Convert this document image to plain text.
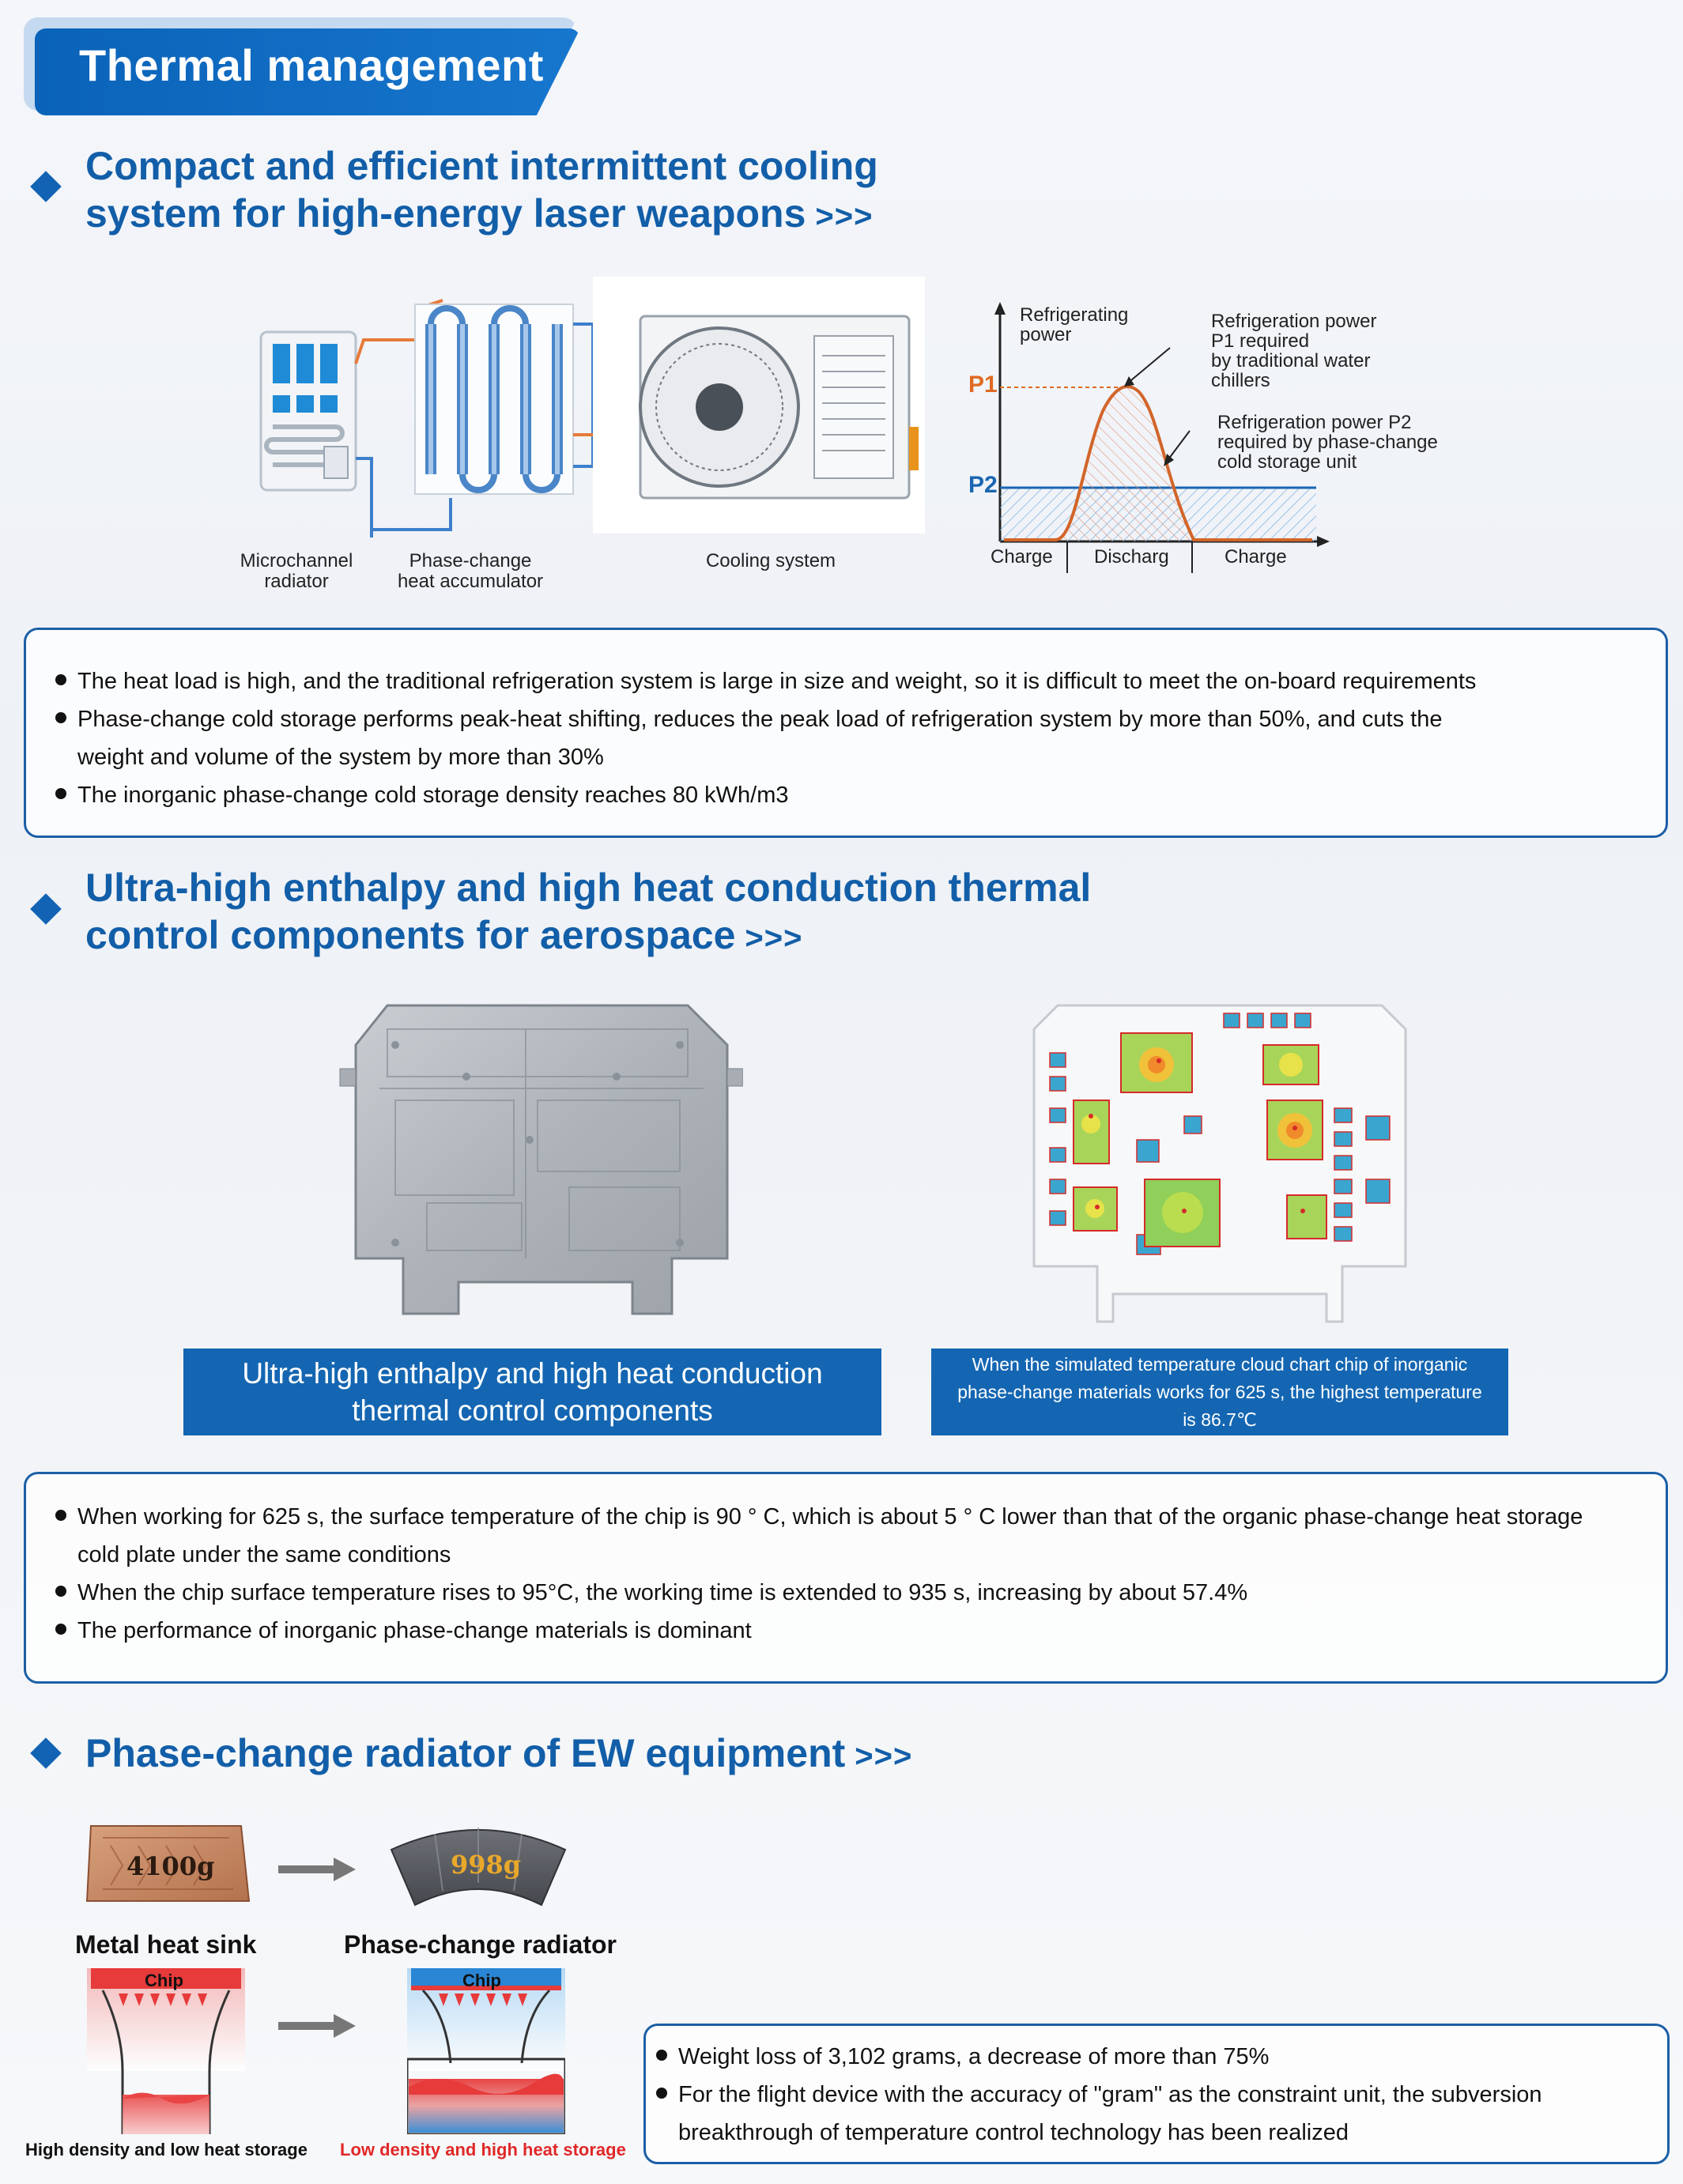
Thermal management
Compact and efficient intermittent cooling
system for high-energy laser weapons >>>
Microchannel
radiator
Phase-change
heat accumulator
Cooling system
Refrigerating
power
P1
P2
Refrigeration power
P1 required
by traditional water
chillers
Refrigeration power P2
required by phase-change
cold storage unit
Charge Discharg	Charge
The heat load is high, and the traditional refrigeration system is large in size and weight, so it is difficult to meet the on-board requirements
Phase-change cold storage performs peak-heat shifting, reduces the peak load of refrigeration system by more than 50%, and cuts the
weight and volume of the system by more than 30%
The inorganic phase-change cold storage density reaches 80 kWh/m3
Ultra-high enthalpy and high heat conduction thermal
control components for aerospace >>>
Ultra-high enthalpy and high heat conduction
thermal control components
When the simulated temperature cloud chart chip of inorganic
phase-change materials works for 625 s, the highest temperature
is 86.7℃
When working for 625 s, the surface temperature of the chip is 90 ° C, which is about 5 ° C lower than that of the organic phase-change heat storage
cold plate under the same conditions
When the chip surface temperature rises to 95°C, the working time is extended to 935 s, increasing by about 57.4%
The performance of inorganic phase-change materials is dominant
Phase-change radiator of EW equipment >>>
4100g	998g
Metal heat sink	Phase-change radiator
Chip	Chip
High density and low heat storage Low density and high heat storage
Weight loss of 3,102 grams, a decrease of more than 75%
For the flight device with the accuracy of "gram" as the constraint unit, the subversion
breakthrough of temperature control technology has been realized
